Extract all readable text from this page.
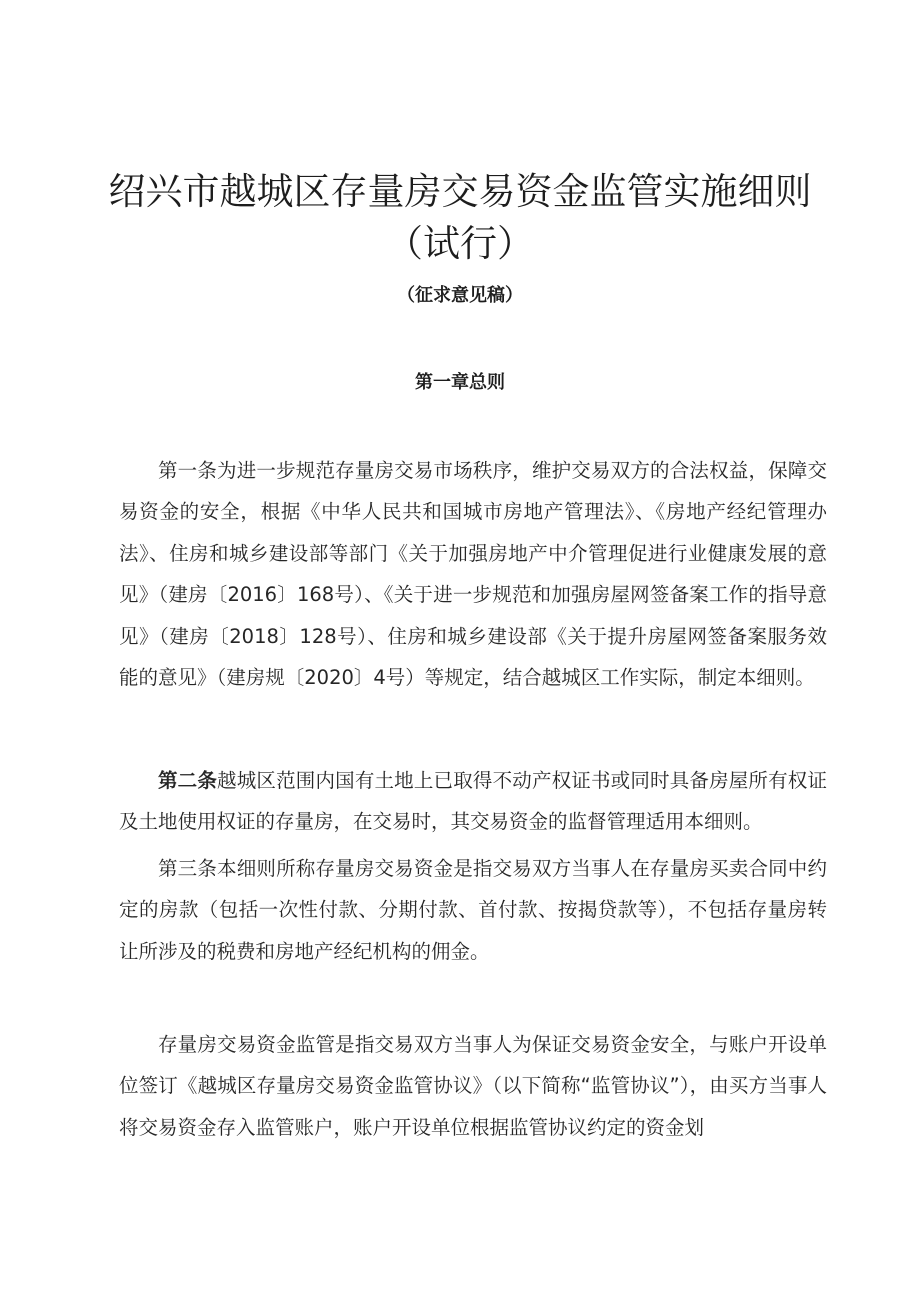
绍兴市越城区存量房交易资金监管实施细则
（试行）
（征求意见稿）
第一章总则

第一条为进一步规范存量房交易市场秩序，维护交易双方的合法权益，保障交易资金的安全，根据《中华人民共和国城市房地产管理法》、《房地产经纪管理办法》、住房和城乡建设部等部门《关于加强房地产中介管理促进行业健康发展的意见》（建房〔2016〕168号）、《关于进一步规范和加强房屋网签备案工作的指导意见》（建房〔2018〕128号）、住房和城乡建设部《关于提升房屋网签备案服务效能的意见》（建房规〔2020〕4号）等规定，结合越城区工作实际，制定本细则。

第二条越城区范围内国有土地上已取得不动产权证书或同时具备房屋所有权证及土地使用权证的存量房，在交易时，其交易资金的监督管理适用本细则。

第三条本细则所称存量房交易资金是指交易双方当事人在存量房买卖合同中约定的房款（包括一次性付款、分期付款、首付款、按揭贷款等），不包括存量房转让所涉及的税费和房地产经纪机构的佣金。

存量房交易资金监管是指交易双方当事人为保证交易资金安全，与账户开设单位签订《越城区存量房交易资金监管协议》（以下简称“监管协议”），由买方当事人将交易资金存入监管账户，账户开设单位根据监管协议约定的资金划
